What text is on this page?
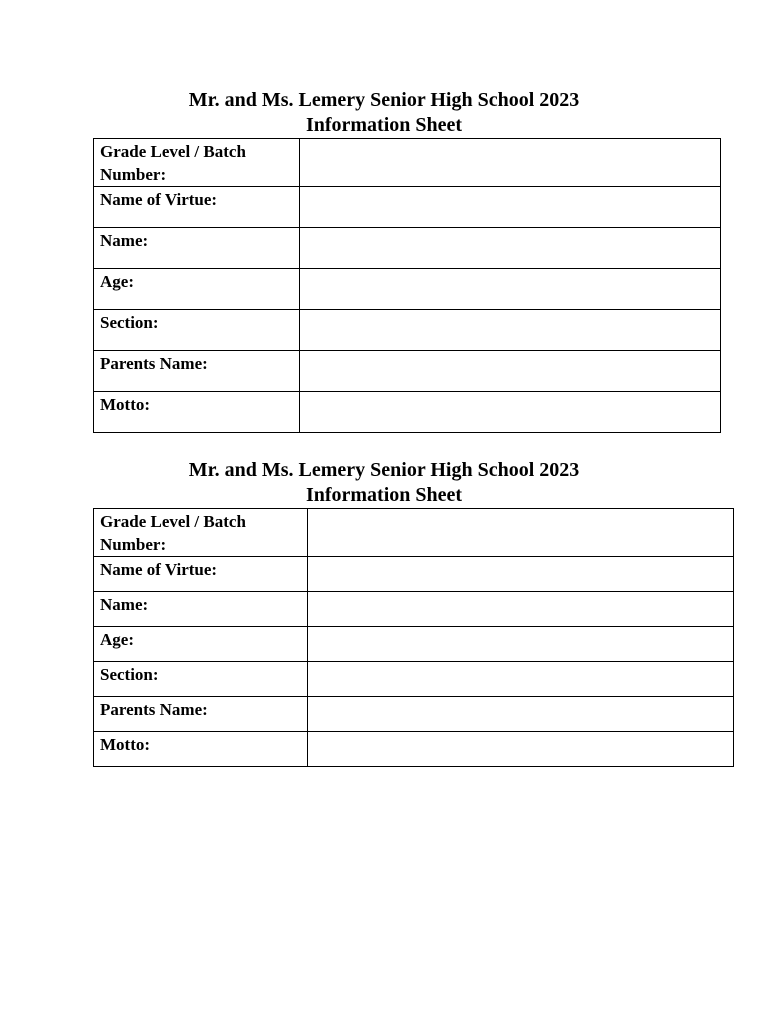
Mr. and Ms. Lemery Senior High School 2023
Information Sheet
Grade Level / Batch
Number:	
Name of Virtue:	
Name:	
Age:	
Section:	
Parents Name:	
Motto:	
Mr. and Ms. Lemery Senior High School 2023
Information Sheet
Grade Level / Batch
Number:	
Name of Virtue:	
Name:	
Age:	
Section:	
Parents Name:	
Motto:	
